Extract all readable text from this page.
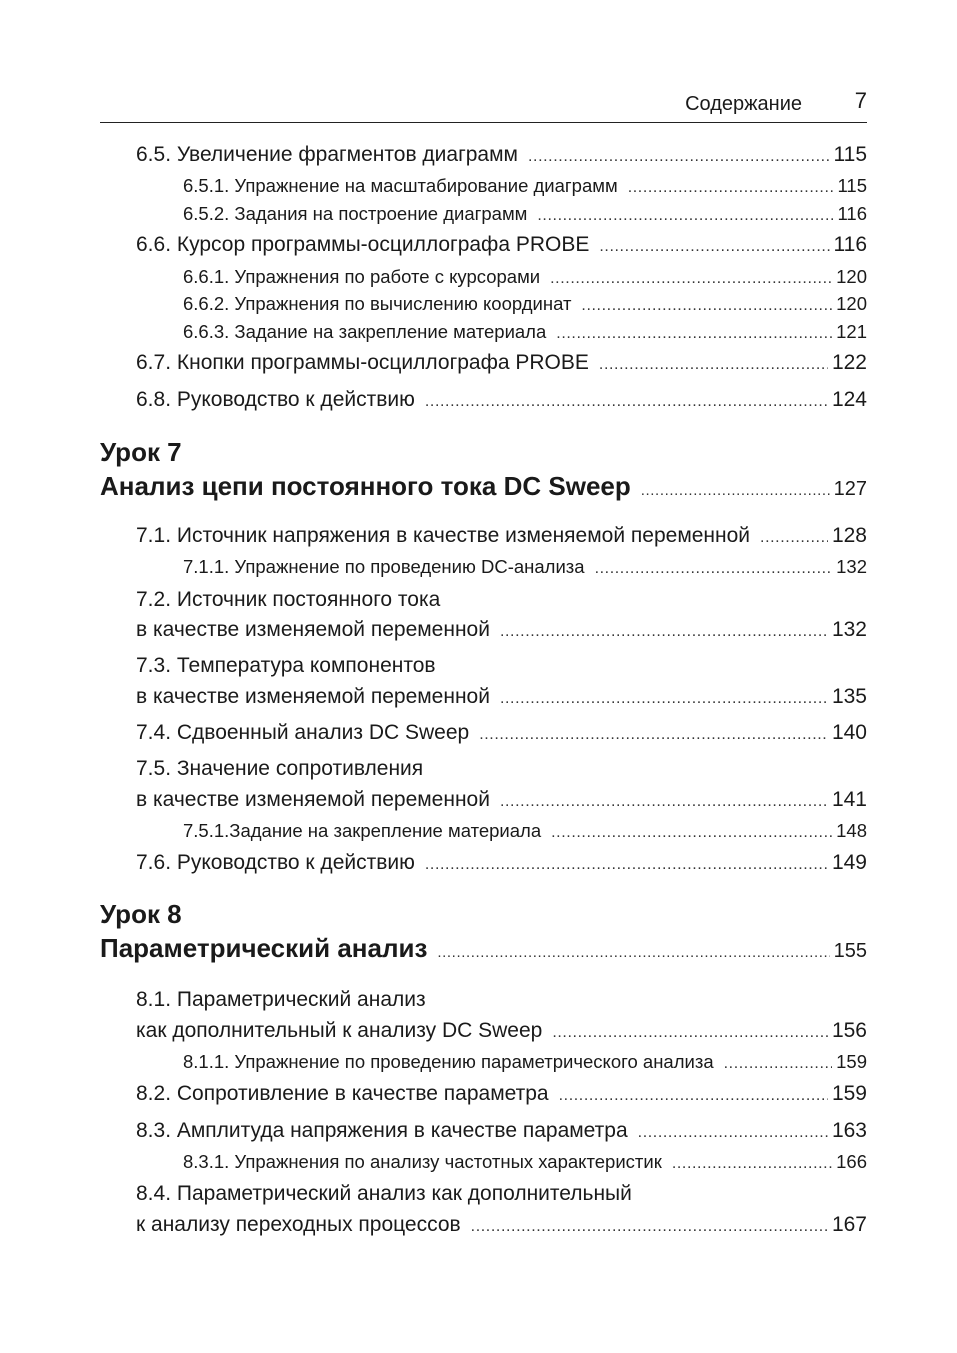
Содержание 7
6.5. Увеличение фрагментов диаграмм .....	115
6.5.1. Упражнение на масштабирование диаграмм .....	115
6.5.2. Задания на построение диаграмм .....	116
6.6. Курсор программы-осциллографа PROBE .....	116
6.6.1. Упражнения по работе с курсорами .....	120
6.6.2. Упражнения по вычислению координат .....	120
6.6.3. Задание на закрепление материала .....	121
6.7. Кнопки программы-осциллографа PROBE .....	122
6.8. Руководство к действию .....	124
Урок 7
Анализ цепи постоянного тока DC Sweep .....	127
7.1. Источник напряжения в качестве изменяемой переменной .....	128
7.1.1. Упражнение по проведению DC-анализа .....	132
7.2. Источник постоянного тока
в качестве изменяемой переменной .....	132
7.3. Температура компонентов
в качестве изменяемой переменной .....	135
7.4. Сдвоенный анализ DC Sweep .....	140
7.5. Значение сопротивления
в качестве изменяемой переменной .....	141
7.5.1.Задание на закрепление материала .....	148
7.6. Руководство к действию .....	149
Урок 8
Параметрический анализ .....	155
8.1. Параметрический анализ
как дополнительный к анализу DC Sweep .....	156
8.1.1. Упражнение по проведению параметрического анализа .....	159
8.2. Сопротивление в качестве параметра .....	159
8.3. Амплитуда напряжения в качестве параметра .....	163
8.3.1. Упражнения по анализу частотных характеристик .....	166
8.4. Параметрический анализ как дополнительный
к анализу переходных процессов .....	167
